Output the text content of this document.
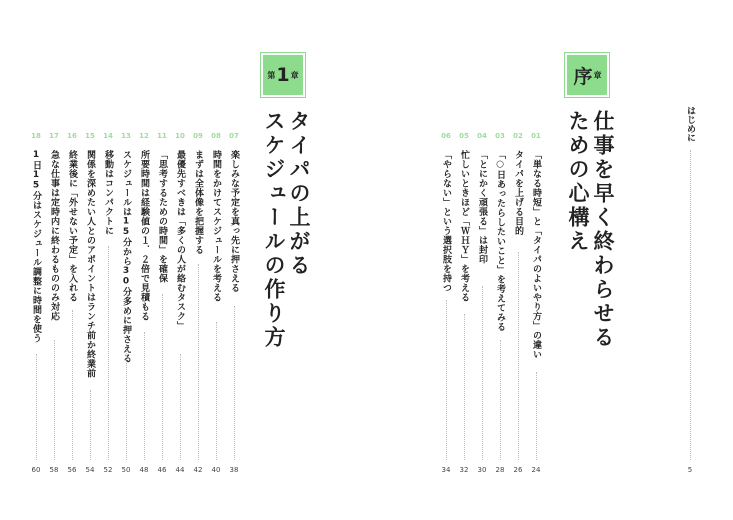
はじめに
5
序 章
仕事を早く終わらせる
ための心構え
第 1 章
タイパの上がる
スケジュールの作り方	01
「単なる時短」と「タイパのよいやり方」の違い
24
02
タイパを上げる目的
26
03
「○日あったらしたいこと」を考えてみる
28
04
「とにかく頑張る」は封印
30
05
忙しいときほど「ＷＨＹ」を考える
32
06
「やらない」という選択肢を持つ
34
07
楽しみな予定を真っ先に押さえる
38
08
時間をかけてスケジュールを考える
40
09
まずは全体像を把握する
42
10
最優先すべきは「多くの人が絡むタスク」
44
11
「思考するための時間」を確保
46
12
所要時間は経験値の１．２倍で見積もる
48
13
スケジュールは15分から30分多めに押さえる
50
14
移動はコンパクトに
52
15
関係を深めたい人とのアポイントはランチ前か終業前
54
16
終業後に「外せない予定」を入れる
56
17
急な仕事は定時内に終わるもののみ対応
58
18
1日15分はスケジュール調整に時間を使う
60
